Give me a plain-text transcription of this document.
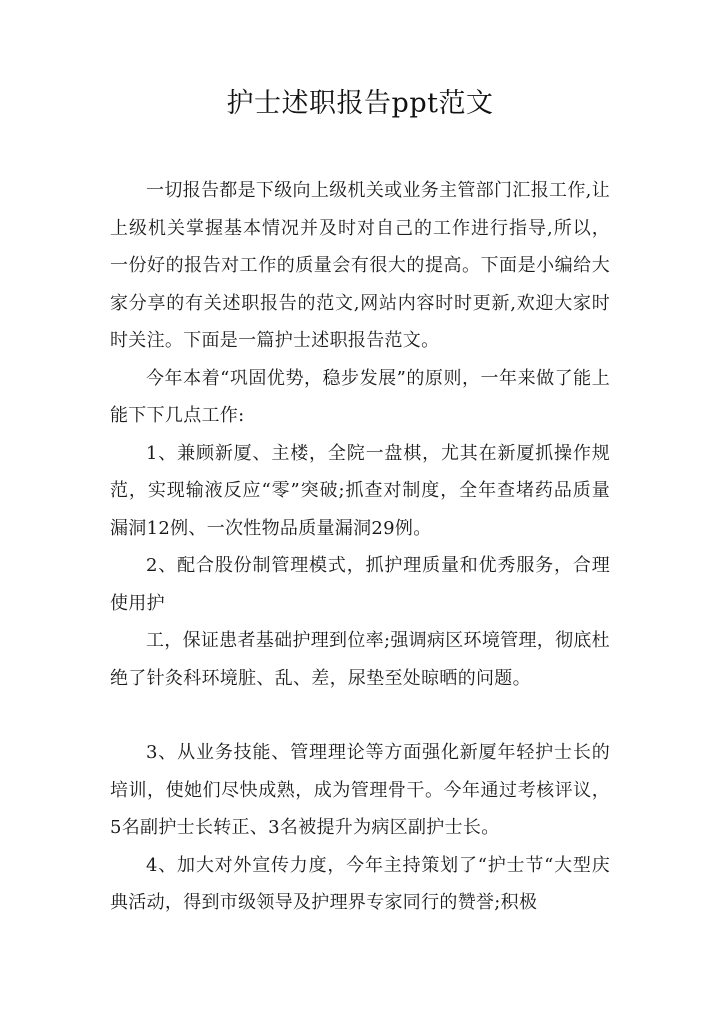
护士述职报告ppt范文

一切报告都是下级向上级机关或业务主管部门汇报工作,让上级机关掌握基本情况并及时对自己的工作进行指导,所以，一份好的报告对工作的质量会有很大的提高。下面是小编给大家分享的有关述职报告的范文,网站内容时时更新,欢迎大家时时关注。下面是一篇护士述职报告范文。

今年本着“巩固优势，稳步发展”的原则，一年来做了能上能下下几点工作:

1、兼顾新厦、主楼，全院一盘棋，尤其在新厦抓操作规范，实现输液反应“零”突破;抓查对制度，全年查堵药品质量漏洞12例、一次性物品质量漏洞29例。

2、配合股份制管理模式，抓护理质量和优秀服务，合理使用护

工，保证患者基础护理到位率;强调病区环境管理，彻底杜绝了针灸科环境脏、乱、差，尿垫至处晾晒的问题。

3、从业务技能、管理理论等方面强化新厦年轻护士长的培训，使她们尽快成熟，成为管理骨干。今年通过考核评议，5名副护士长转正、3名被提升为病区副护士长。

4、加大对外宣传力度，今年主持策划了“护士节“大型庆典活动，得到市级领导及护理界专家同行的赞誉;积极
